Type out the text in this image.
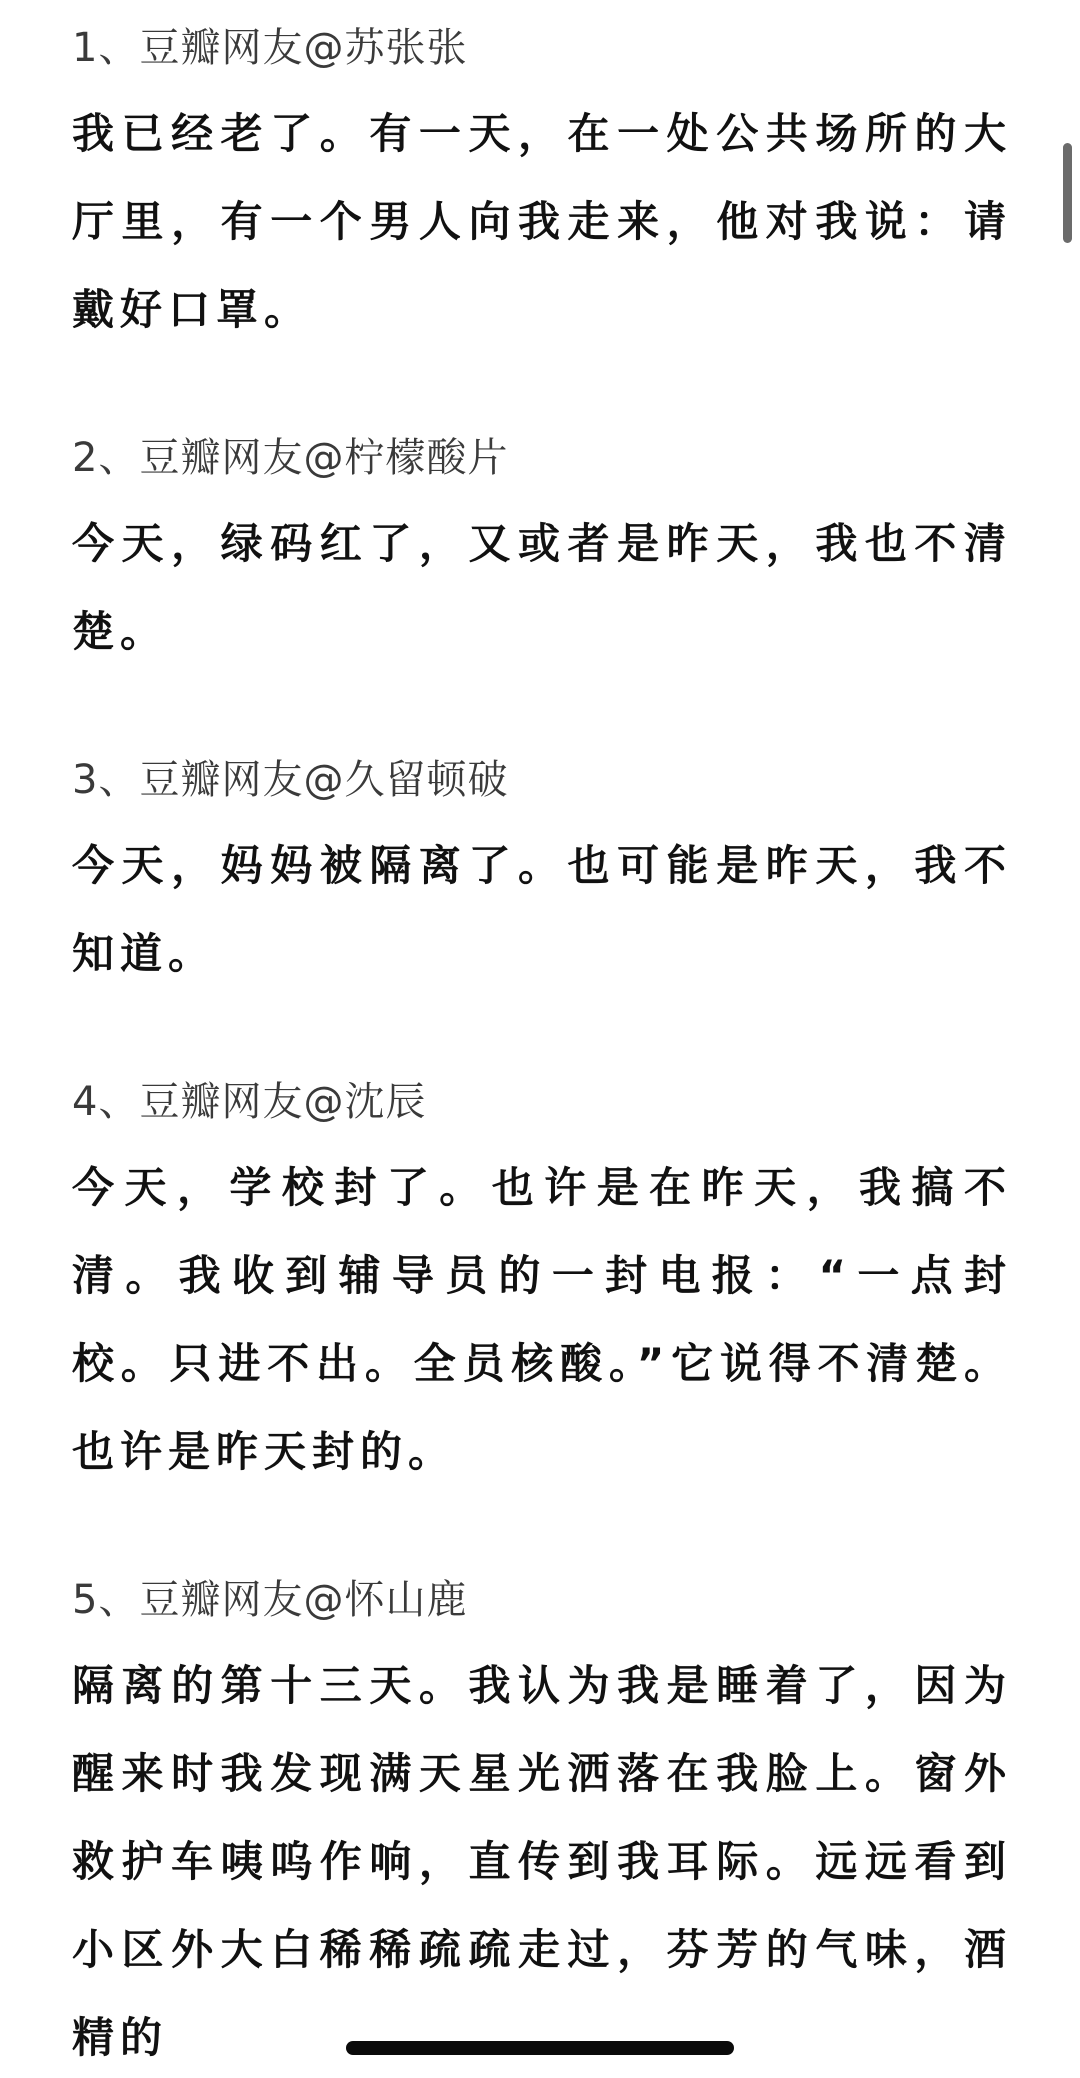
1、豆瓣网友@苏张张
我已经老了。有一天，在一处公共场所的大厅里，有一个男人向我走来，他对我说：请戴好口罩。
2、豆瓣网友@柠檬酸片
今天，绿码红了，又或者是昨天，我也不清楚。
3、豆瓣网友@久留顿破
今天，妈妈被隔离了。也可能是昨天，我不知道。
4、豆瓣网友@沈辰
今天，学校封了。也许是在昨天，我搞不清。我收到辅导员的一封电报：“一点封校。只进不出。全员核酸。”它说得不清楚。也许是昨天封的。
5、豆瓣网友@怀山鹿
隔离的第十三天。我认为我是睡着了，因为醒来时我发现满天星光洒落在我脸上。窗外救护车咦呜作响，直传到我耳际。远远看到小区外大白稀稀疏疏走过，芬芳的气味，酒精的
